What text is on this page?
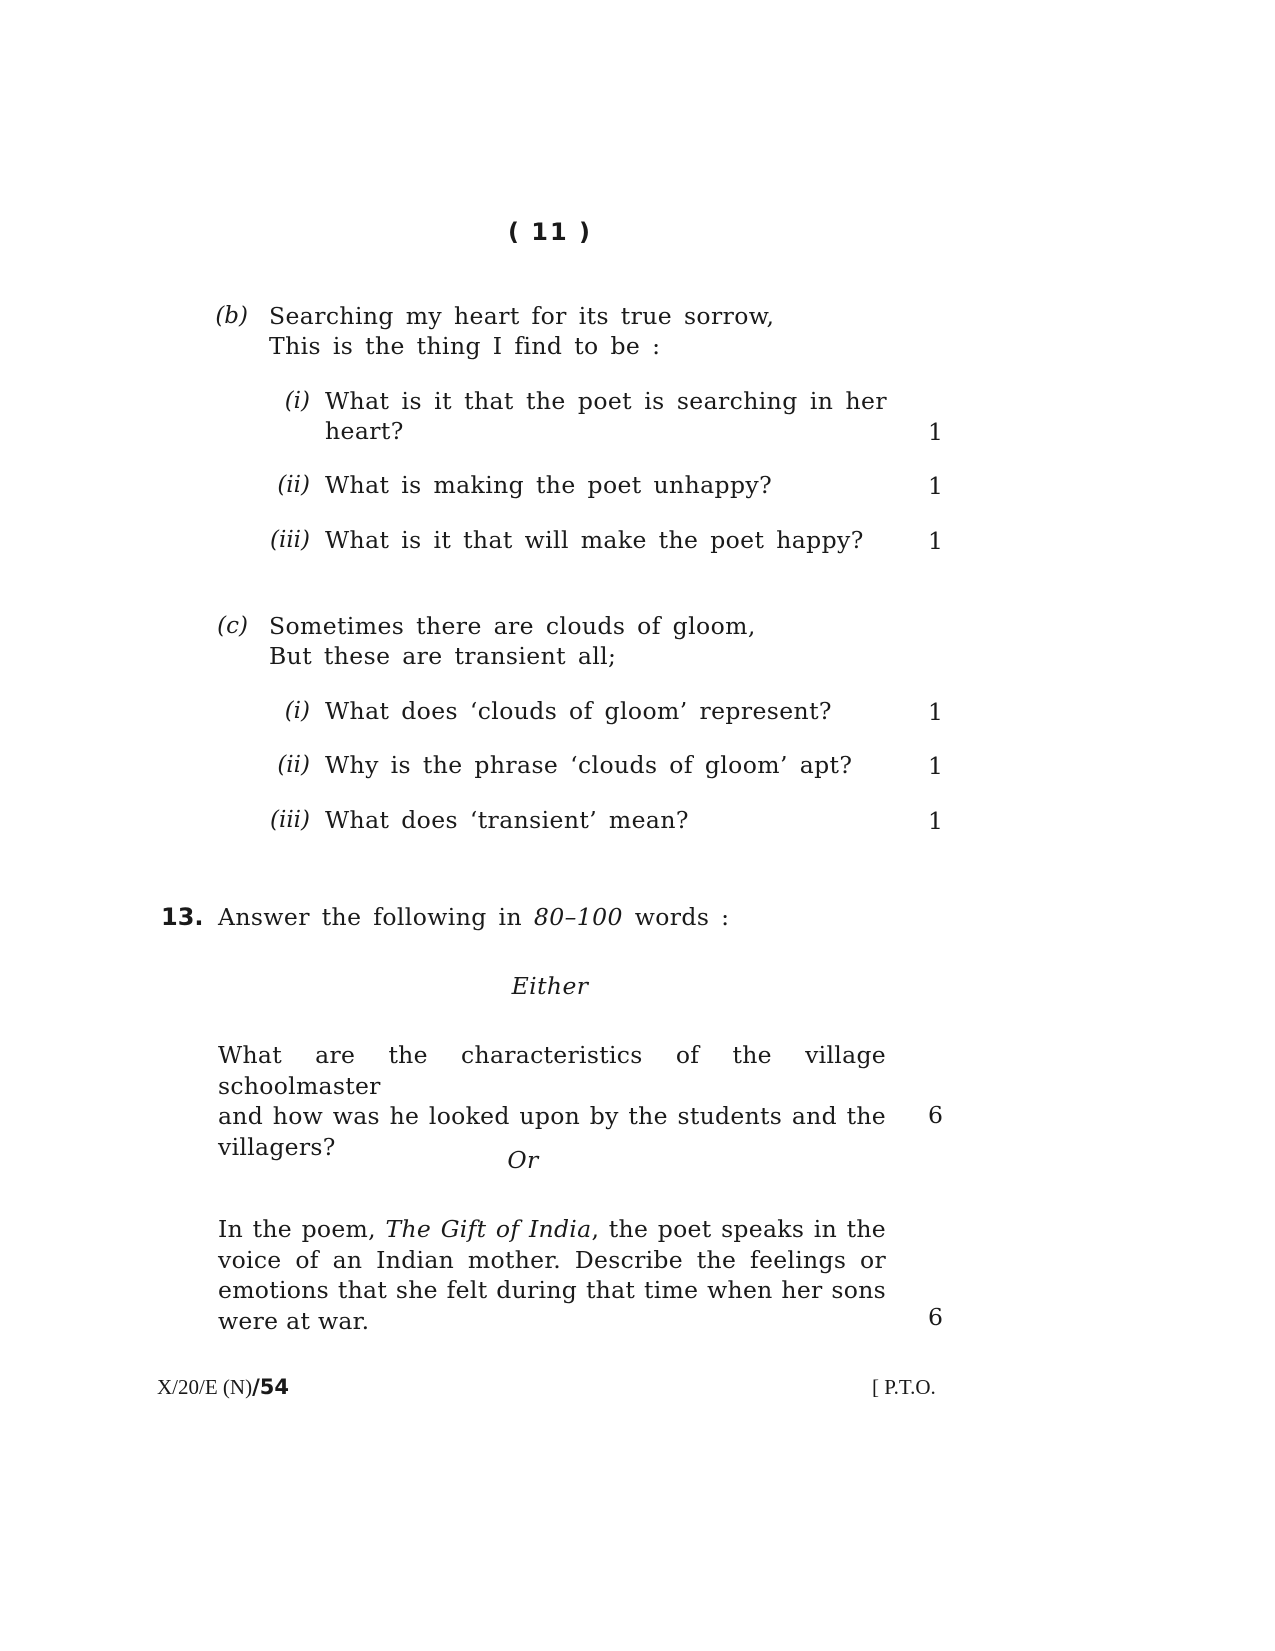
( 11 )
(b) Searching my heart for its true sorrow,
This is the thing I find to be :
(i) What is it that the poet is searching in her
heart?	1
(ii) What is making the poet unhappy?	1
(iii) What is it that will make the poet happy?	1
(c) Sometimes there are clouds of gloom,
But these are transient all;
(i) What does ‘clouds of gloom’ represent?	1
(ii) Why is the phrase ‘clouds of gloom’ apt?	1
(iii) What does ‘transient’ mean?	1
13. Answer the following in 80–100 words :
Either
What are the characteristics of the village schoolmaster
and how was he looked upon by the students and the
villagers?
6
Or
In the poem, The Gift of India, the poet speaks in the
voice of an Indian mother. Describe the feelings or
emotions that she felt during that time when her sons
were at war.	6
X/20/E (N)/54	[ P.T.O.
